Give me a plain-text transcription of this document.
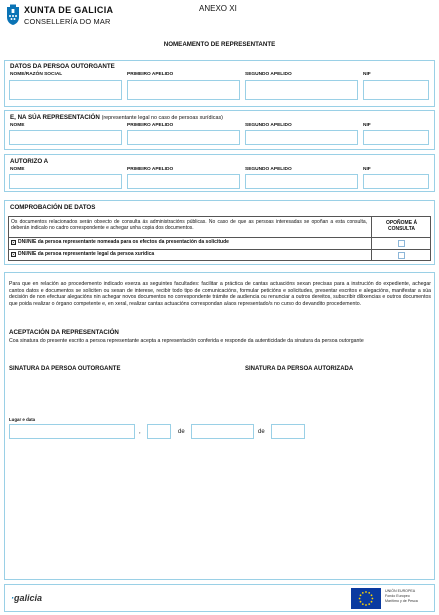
XUNTA DE GALICIA
CONSELLERÍA DO MAR
ANEXO XI
NOMEAMENTO DE REPRESENTANTE
DATOS DA PERSOA OUTORGANTE
NOME/RAZÓN SOCIAL	PRIMEIRO APELIDO	SEGUNDO APELIDO	NIF
E, NA SÚA REPRESENTACIÓN (representante legal no caso de persoas xurídicas)
NOME	PRIMEIRO APELIDO	SEGUNDO APELIDO	NIF
AUTORIZO A
NOME	PRIMEIRO APELIDO	SEGUNDO APELIDO	NIF
COMPROBACIÓN DE DATOS
Os documentos relacionados serán obxecto de consulta ás administracións públicas. No caso de que as persoas interesadas se opoñan a esta consulta, deberán indicalo no cadro correspondente e achegar unha copia dos documentos.
OPOÑOME Á CONSULTA
× DNI/NIE da persoa representante nomeada para os efectos da presentación da solicitude
× DNI/NIE da persoa representante legal da persoa xurídica
Para que en relación ao procedemento indicado exerza as seguintes facultades: facilitar a práctica de cantas actuacións sexan precisas para a instrución do expediente, achegar cantos datos e documentos se soliciten ou sexan de interese, recibir todo tipo de comunicacións, formular peticións e solicitudes, presentar escritos e alegacións, manifestar a súa decisión de non efectuar alegacións nin achegar novos documentos no correspondente trámite de audiencia ou renunciar a outros dereitos, subscribir dilixencias e outros documentos que poida realizar o órgano competente e, en xeral, realizar cantas actuacións correspondan a/aos representado/s no curso do devandito procedemento.
ACEPTACIÓN DA REPRESENTACIÓN
Coa sinatura do presente escrito a persoa representante acepta a representación conferida e responde da autenticidade da sinatura da persoa outorgante
SINATURA DA PERSOA OUTORGANTE	SINATURA DA PERSOA AUTORIZADA
Lugar e data
,	de	de
·galicia
UNIÓN EUROPEA
Fondo Europeo
Marítimo y de Pesca
